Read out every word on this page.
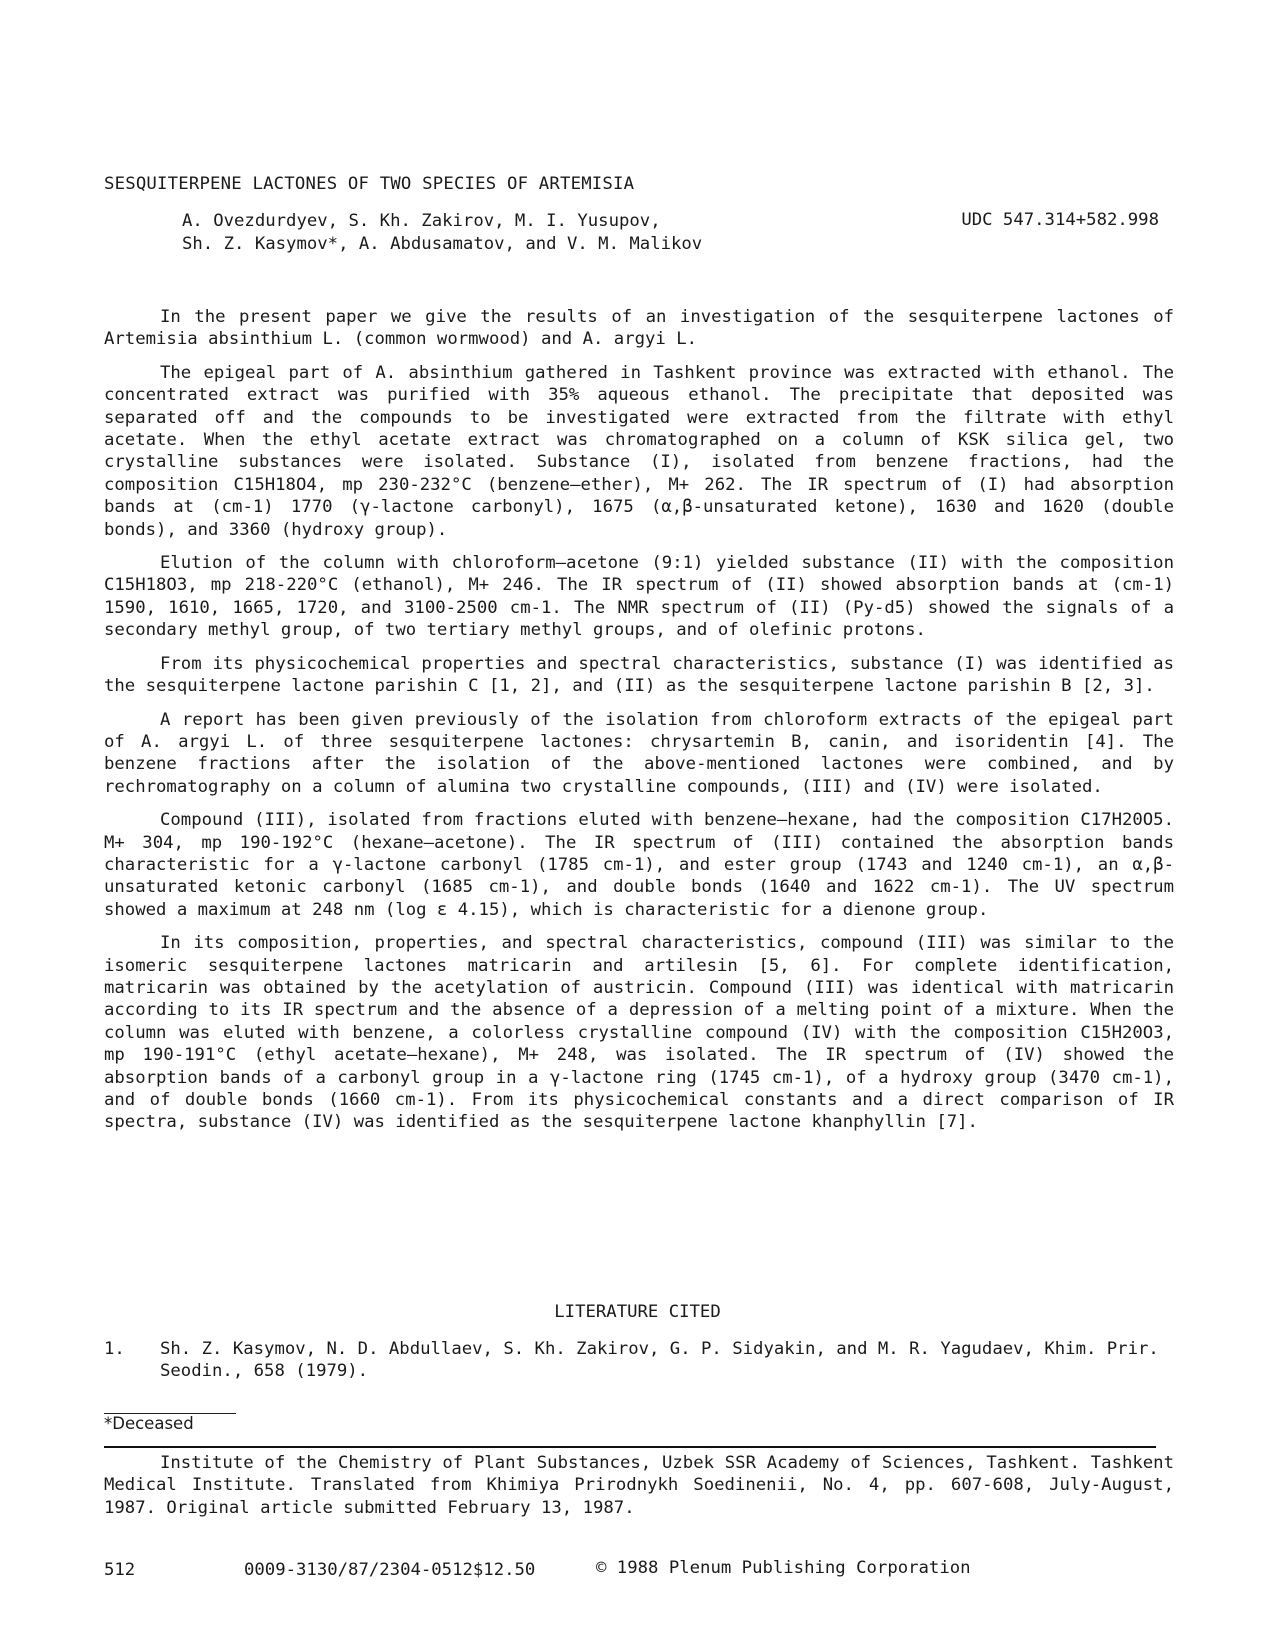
SESQUITERPENE LACTONES OF TWO SPECIES OF ARTEMISIA
A. Ovezdurdyev, S. Kh. Zakirov, M. I. Yusupov,
Sh. Z. Kasymov*, A. Abdusamatov, and V. M. Malikov
UDC 547.314+582.998

In the present paper we give the results of an investigation of the sesquiterpene lactones of Artemisia absinthium L. (common wormwood) and A. argyi L.

The epigeal part of A. absinthium gathered in Tashkent province was extracted with ethanol. The concentrated extract was purified with 35% aqueous ethanol. The precipitate that deposited was separated off and the compounds to be investigated were extracted from the filtrate with ethyl acetate. When the ethyl acetate extract was chromatographed on a column of KSK silica gel, two crystalline substances were isolated. Substance (I), isolated from benzene fractions, had the composition C15H18O4, mp 230-232°C (benzene—ether), M+ 262. The IR spectrum of (I) had absorption bands at (cm-1) 1770 (γ-lactone carbonyl), 1675 (α,β-unsaturated ketone), 1630 and 1620 (double bonds), and 3360 (hydroxy group).

Elution of the column with chloroform—acetone (9:1) yielded substance (II) with the composition C15H18O3, mp 218-220°C (ethanol), M+ 246. The IR spectrum of (II) showed absorption bands at (cm-1) 1590, 1610, 1665, 1720, and 3100-2500 cm-1. The NMR spectrum of (II) (Py-d5) showed the signals of a secondary methyl group, of two tertiary methyl groups, and of olefinic protons.

From its physicochemical properties and spectral characteristics, substance (I) was identified as the sesquiterpene lactone parishin C [1, 2], and (II) as the sesquiterpene lactone parishin B [2, 3].

A report has been given previously of the isolation from chloroform extracts of the epigeal part of A. argyi L. of three sesquiterpene lactones: chrysartemin B, canin, and isoridentin [4]. The benzene fractions after the isolation of the above-mentioned lactones were combined, and by rechromatography on a column of alumina two crystalline compounds, (III) and (IV) were isolated.

Compound (III), isolated from fractions eluted with benzene—hexane, had the composition C17H20O5. M+ 304, mp 190-192°C (hexane—acetone). The IR spectrum of (III) contained the absorption bands characteristic for a γ-lactone carbonyl (1785 cm-1), and ester group (1743 and 1240 cm-1), an α,β-unsaturated ketonic carbonyl (1685 cm-1), and double bonds (1640 and 1622 cm-1). The UV spectrum showed a maximum at 248 nm (log ε 4.15), which is characteristic for a dienone group.

In its composition, properties, and spectral characteristics, compound (III) was similar to the isomeric sesquiterpene lactones matricarin and artilesin [5, 6]. For complete identification, matricarin was obtained by the acetylation of austricin. Compound (III) was identical with matricarin according to its IR spectrum and the absence of a depression of a melting point of a mixture. When the column was eluted with benzene, a colorless crystalline compound (IV) with the composition C15H20O3, mp 190-191°C (ethyl acetate—hexane), M+ 248, was isolated. The IR spectrum of (IV) showed the absorption bands of a carbonyl group in a γ-lactone ring (1745 cm-1), of a hydroxy group (3470 cm-1), and of double bonds (1660 cm-1). From its physicochemical constants and a direct comparison of IR spectra, substance (IV) was identified as the sesquiterpene lactone khanphyllin [7].

LITERATURE CITED
1. Sh. Z. Kasymov, N. D. Abdullaev, S. Kh. Zakirov, G. P. Sidyakin, and M. R. Yagudaev, Khim. Prir. Seodin., 658 (1979).
*Deceased

Institute of the Chemistry of Plant Substances, Uzbek SSR Academy of Sciences, Tashkent. Tashkent Medical Institute. Translated from Khimiya Prirodnykh Soedinenii, No. 4, pp. 607-608, July-August, 1987. Original article submitted February 13, 1987.

512	0009-3130/87/2304-0512$12.50	© 1988 Plenum Publishing Corporation
